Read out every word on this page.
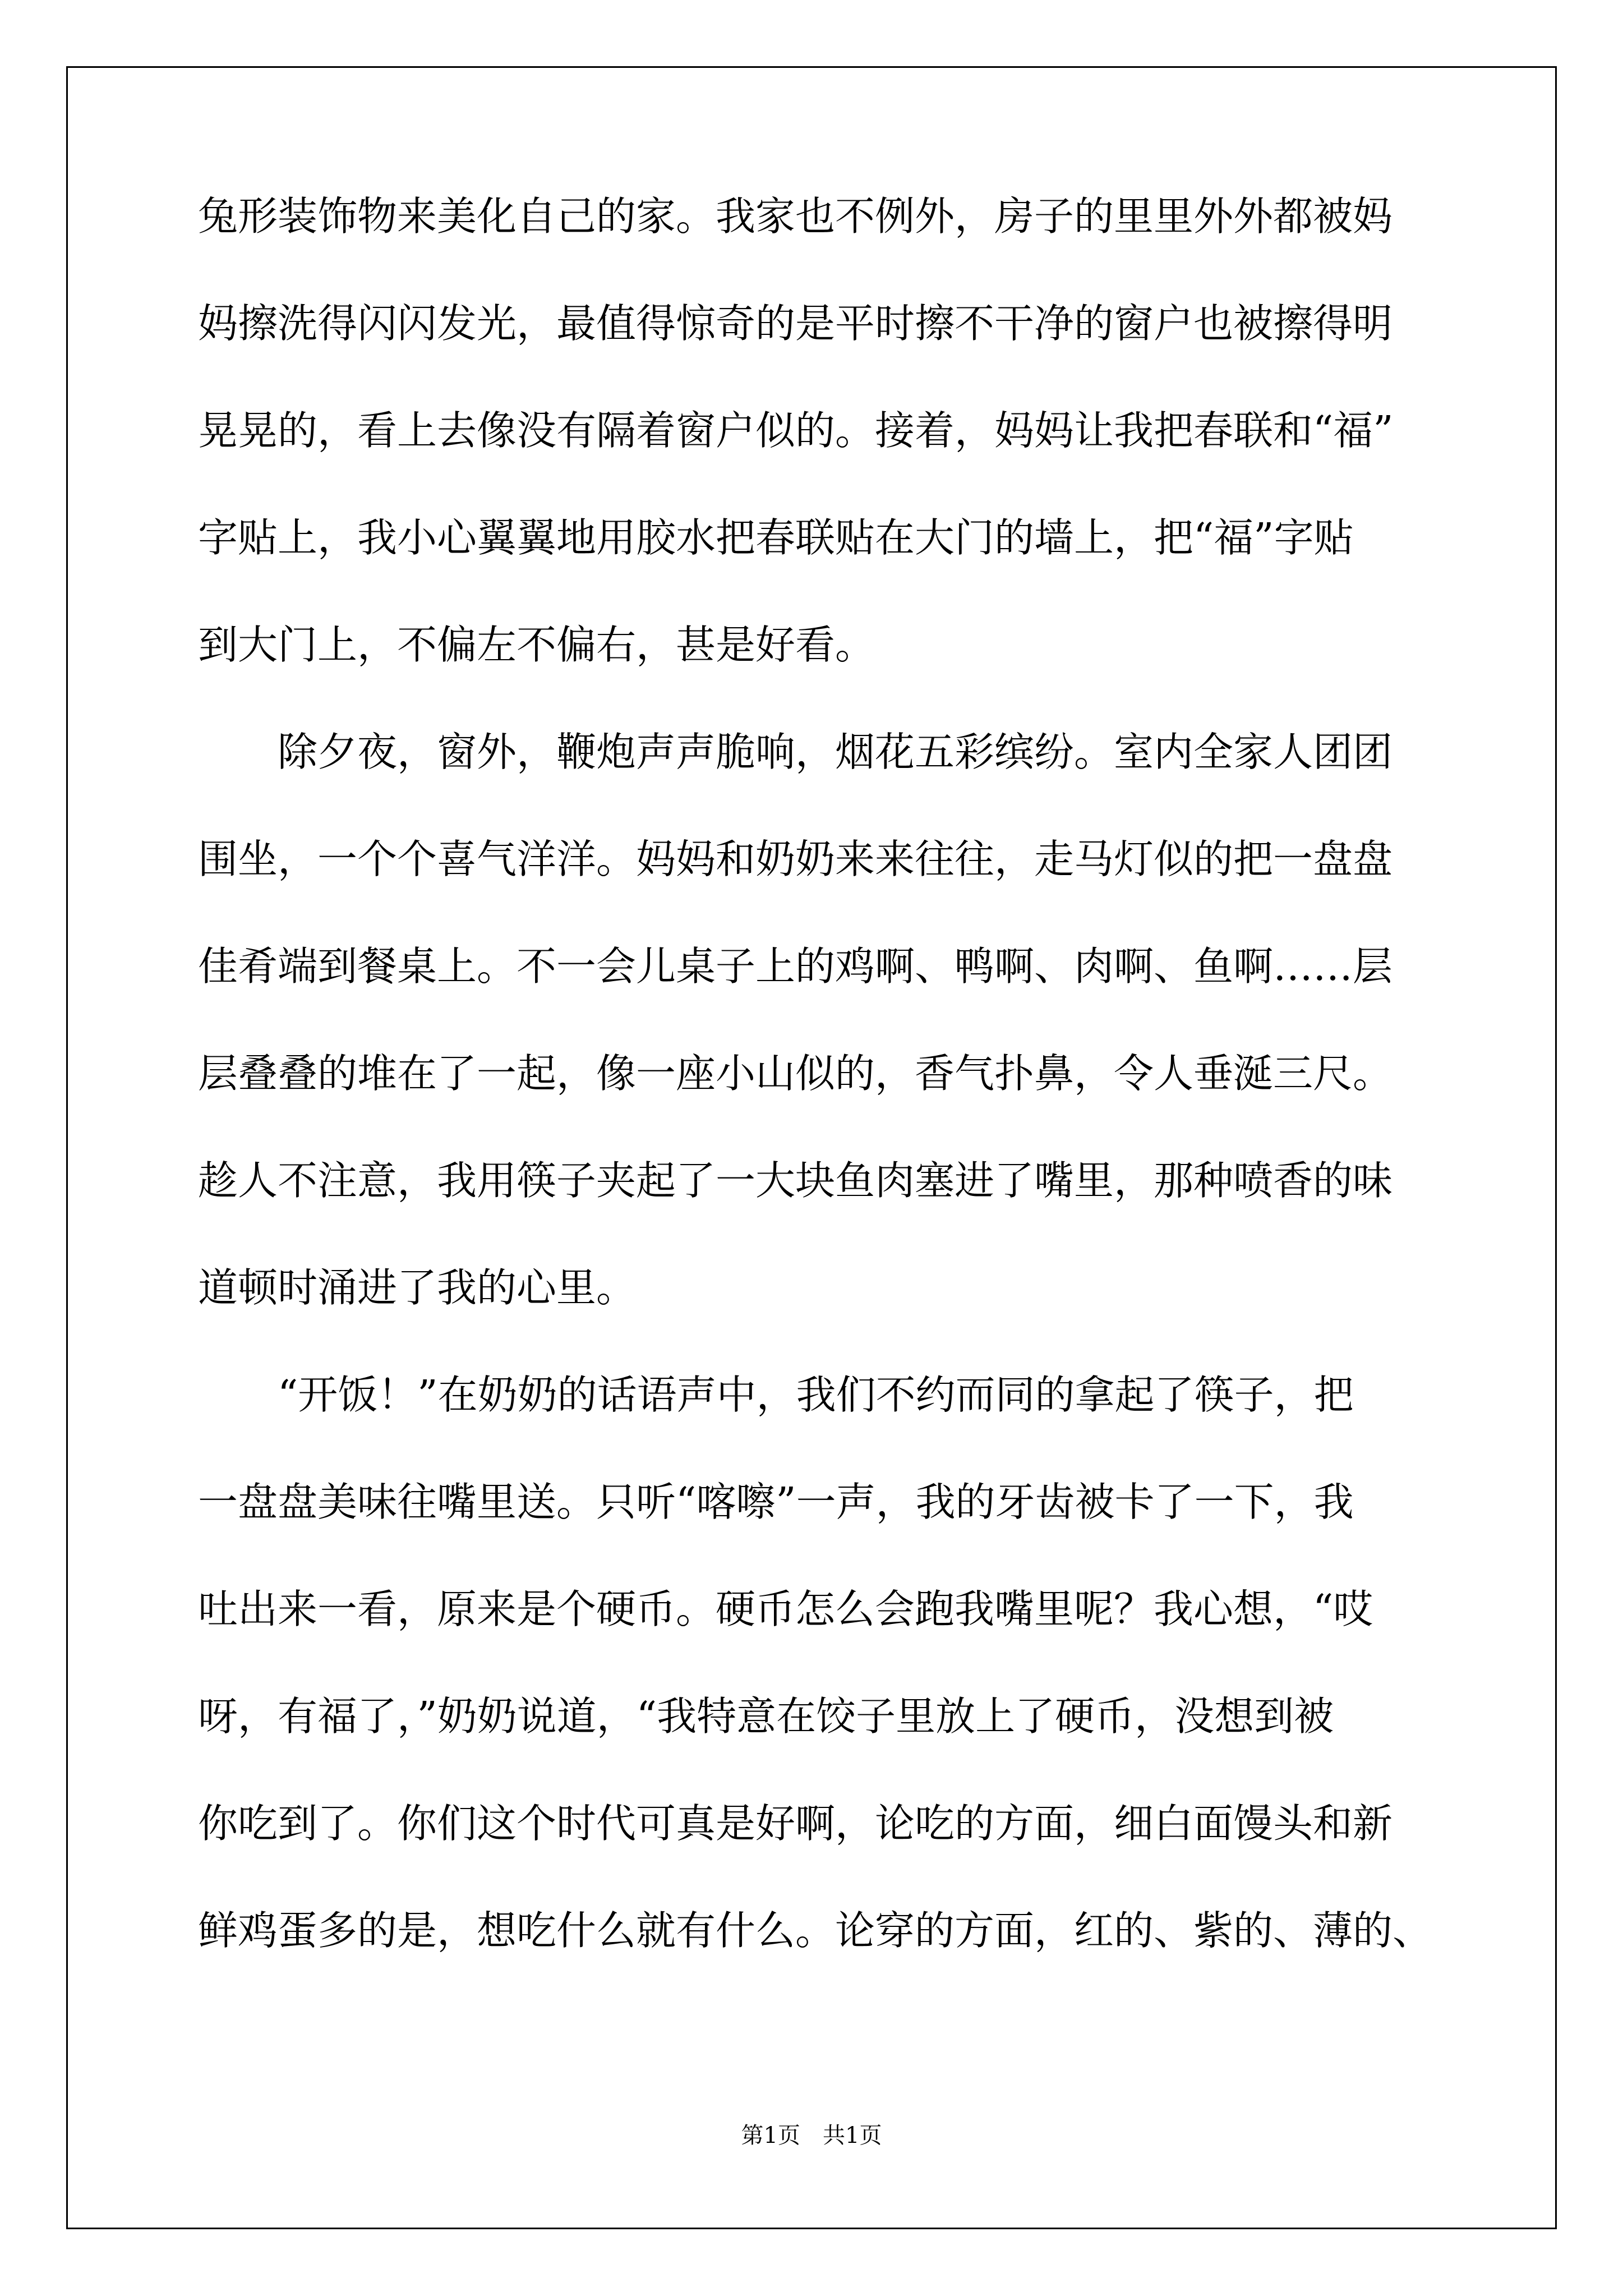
兔形装饰物来美化自己的家。我家也不例外，房子的里里外外都被妈
妈擦洗得闪闪发光，最值得惊奇的是平时擦不干净的窗户也被擦得明
晃晃的，看上去像没有隔着窗户似的。接着，妈妈让我把春联和“福”
字贴上，我小心翼翼地用胶水把春联贴在大门的墙上，把“福”字贴
到大门上，不偏左不偏右，甚是好看。
除夕夜，窗外，鞭炮声声脆响，烟花五彩缤纷。室内全家人团团
围坐，一个个喜气洋洋。妈妈和奶奶来来往往，走马灯似的把一盘盘
佳肴端到餐桌上。不一会儿桌子上的鸡啊、鸭啊、肉啊、鱼啊……层
层叠叠的堆在了一起，像一座小山似的，香气扑鼻，令人垂涎三尺。
趁人不注意，我用筷子夹起了一大块鱼肉塞进了嘴里，那种喷香的味
道顿时涌进了我的心里。
“开饭！”在奶奶的话语声中，我们不约而同的拿起了筷子，把
一盘盘美味往嘴里送。只听“喀嚓”一声，我的牙齿被卡了一下，我
吐出来一看，原来是个硬币。硬币怎么会跑我嘴里呢？我心想，“哎
呀，有福了，”奶奶说道，“我特意在饺子里放上了硬币，没想到被
你吃到了。你们这个时代可真是好啊，论吃的方面，细白面馒头和新
鲜鸡蛋多的是，想吃什么就有什么。论穿的方面，红的、紫的、薄的、
第1页　共1页
